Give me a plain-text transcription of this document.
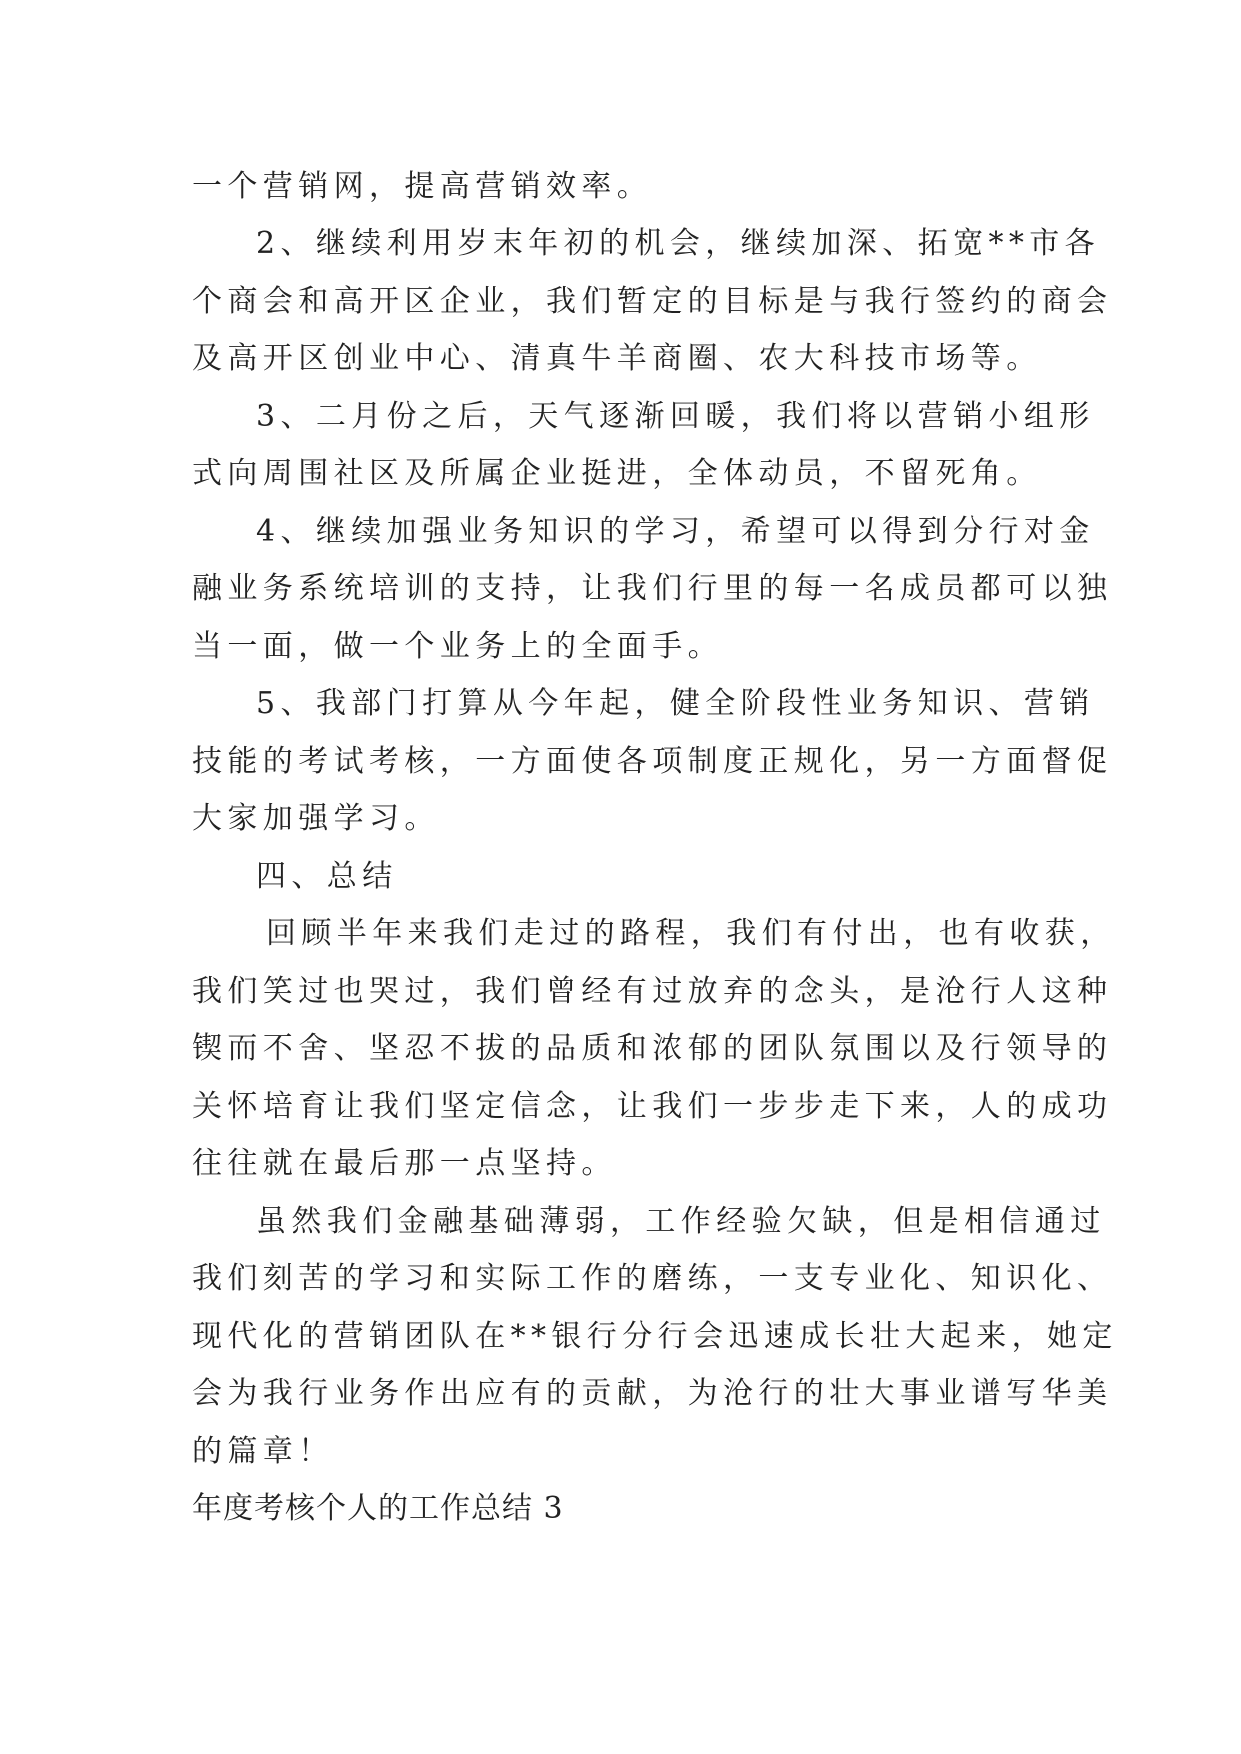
一个营销网，提高营销效率。

2、继续利用岁末年初的机会，继续加深、拓宽**市各

个商会和高开区企业，我们暂定的目标是与我行签约的商会

及高开区创业中心、清真牛羊商圈、农大科技市场等。

3、二月份之后，天气逐渐回暖，我们将以营销小组形

式向周围社区及所属企业挺进，全体动员，不留死角。

4、继续加强业务知识的学习，希望可以得到分行对金

融业务系统培训的支持，让我们行里的每一名成员都可以独

当一面，做一个业务上的全面手。

5、我部门打算从今年起，健全阶段性业务知识、营销

技能的考试考核，一方面使各项制度正规化，另一方面督促

大家加强学习。

四、总结

回顾半年来我们走过的路程，我们有付出，也有收获，

我们笑过也哭过，我们曾经有过放弃的念头，是沧行人这种

锲而不舍、坚忍不拔的品质和浓郁的团队氛围以及行领导的

关怀培育让我们坚定信念，让我们一步步走下来，人的成功

往往就在最后那一点坚持。

虽然我们金融基础薄弱，工作经验欠缺，但是相信通过

我们刻苦的学习和实际工作的磨练，一支专业化、知识化、

现代化的营销团队在**银行分行会迅速成长壮大起来，她定

会为我行业务作出应有的贡献，为沧行的壮大事业谱写华美

的篇章！

年度考核个人的工作总结 3
